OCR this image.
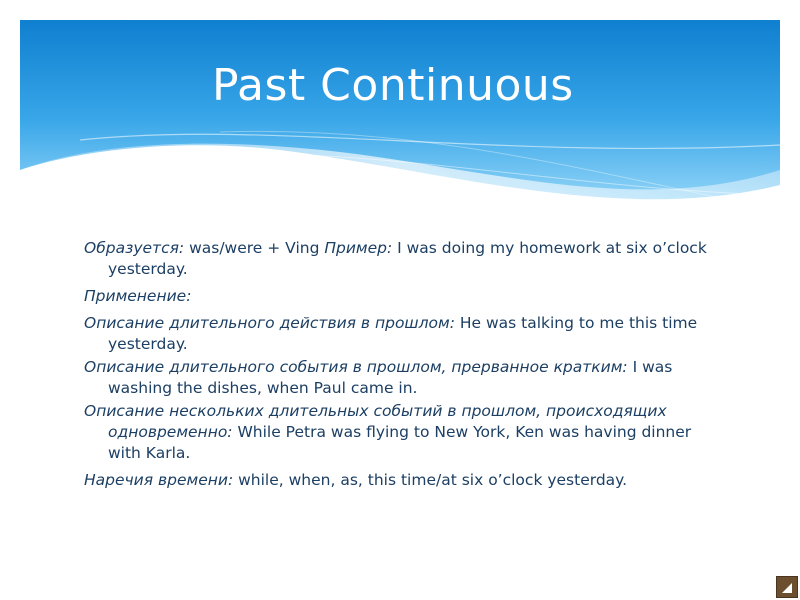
Past Continuous

Образуется: was/were + Ving Пример: I was doing my homework at six o’clock yesterday.

Применение:

Описание длительного действия в прошлом: He was talking to me this time yesterday.

Описание длительного события в прошлом, прерванное кратким: I was washing the dishes, when Paul came in.

Описание нескольких длительных событий в прошлом, происходящих одновременно: While Petra was flying to New York, Ken was having dinner with Karla.

Наречия времени: while, when, as, this time/at six o’clock yesterday.
